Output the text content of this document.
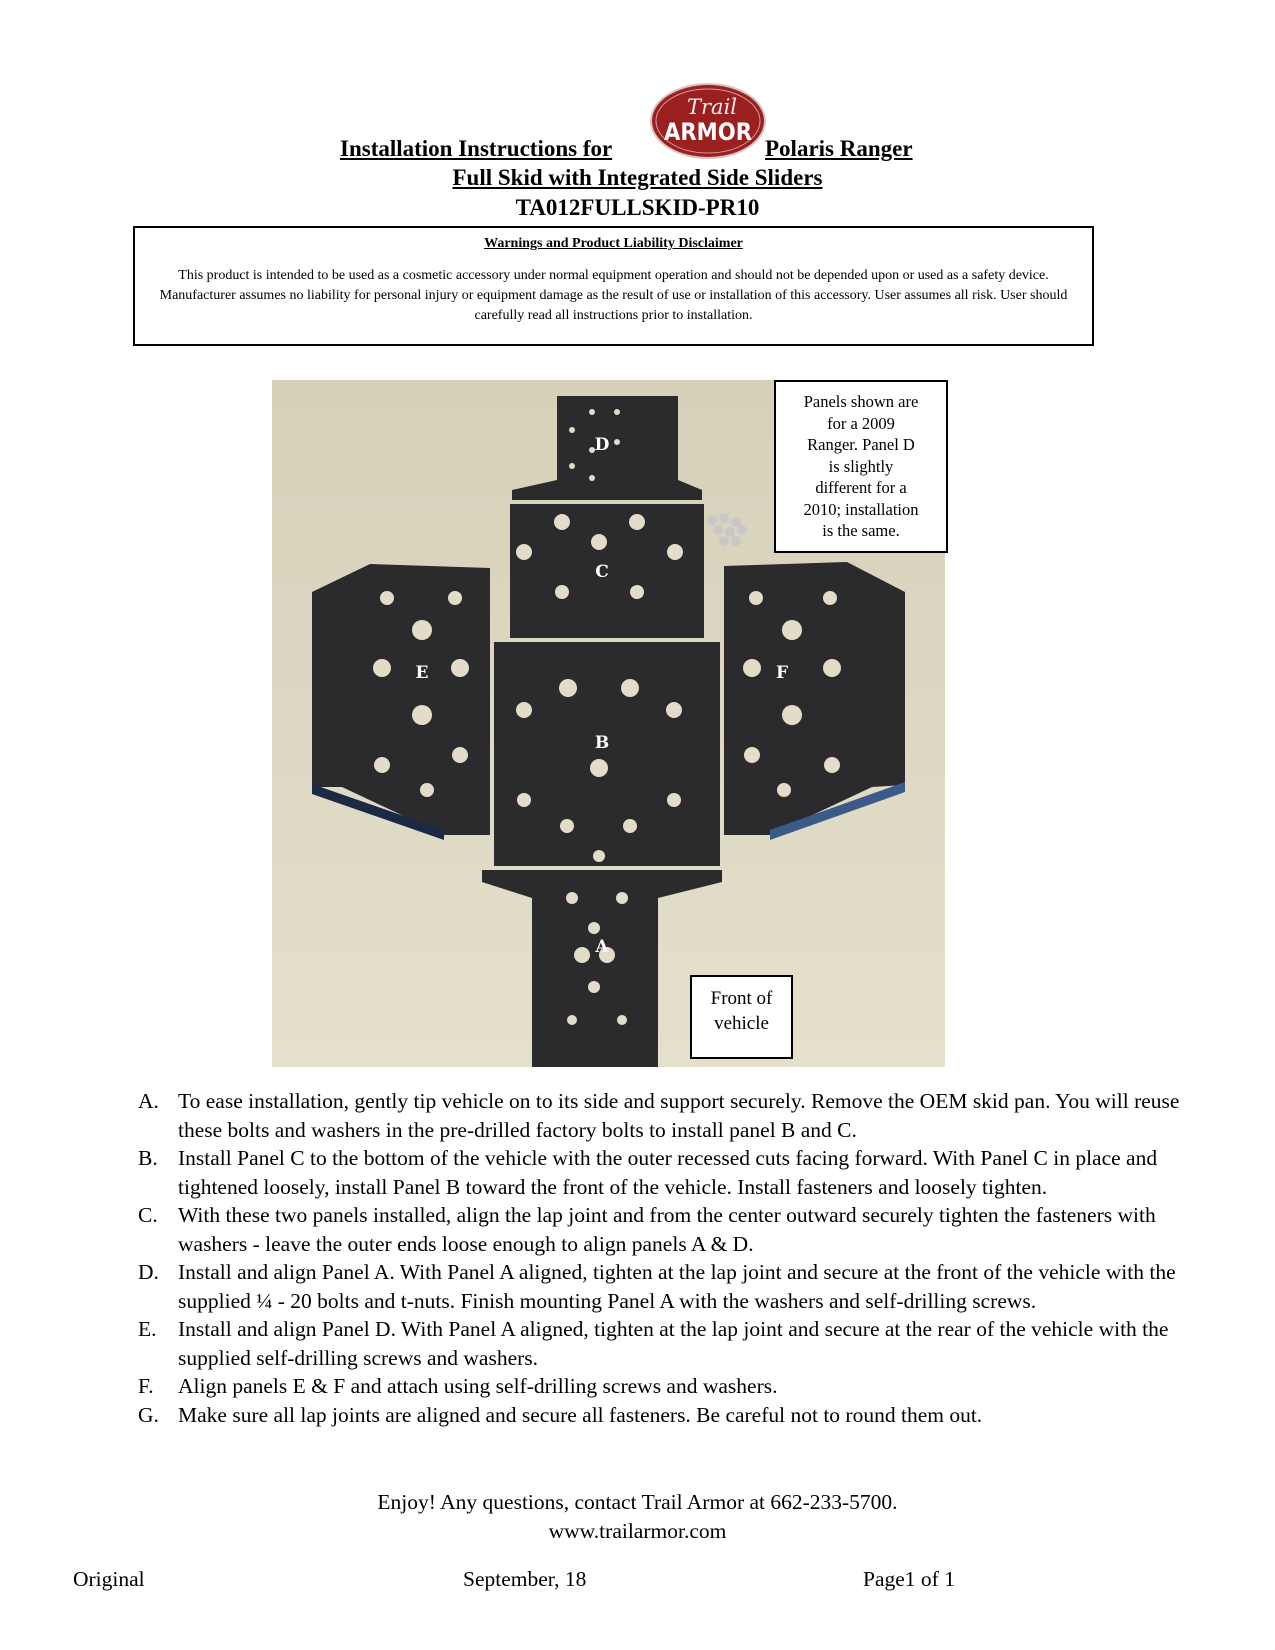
Installation Instructions for	Polaris Ranger
Trail
ARMOR
Full Skid with Integrated Side Sliders
TA012FULLSKID-PR10
Warnings and Product Liability Disclaimer
This product is intended to be used as a cosmetic accessory under normal equipment operation and should not be depended upon or used as a safety device. Manufacturer assumes no liability for personal injury or equipment damage as the result of use or installation of this accessory. User assumes all risk. User should carefully read all instructions prior to installation.
D
C
B
A
E	F
Panels shown are
for a 2009
Ranger. Panel D
is slightly
different for a
2010; installation
is the same.
Front of
vehicle
A. To ease installation, gently tip vehicle on to its side and support securely. Remove the OEM skid pan. You will reuse these bolts and washers in the pre-drilled factory bolts to install panel B and C.
B. Install Panel C to the bottom of the vehicle with the outer recessed cuts facing forward. With Panel C in place and tightened loosely, install Panel B toward the front of the vehicle. Install fasteners and loosely tighten.
C. With these two panels installed, align the lap joint and from the center outward securely tighten the fasteners with washers - leave the outer ends loose enough to align panels A & D.
D. Install and align Panel A. With Panel A aligned, tighten at the lap joint and secure at the front of the vehicle with the supplied ¼ - 20 bolts and t-nuts. Finish mounting Panel A with the washers and self-drilling screws.
E. Install and align Panel D. With Panel A aligned, tighten at the lap joint and secure at the rear of the vehicle with the supplied self-drilling screws and washers.
F. Align panels E & F and attach using self-drilling screws and washers.
G. Make sure all lap joints are aligned and secure all fasteners. Be careful not to round them out.
Enjoy! Any questions, contact Trail Armor at 662-233-5700.
www.trailarmor.com
Original	September, 18	Page1 of 1
